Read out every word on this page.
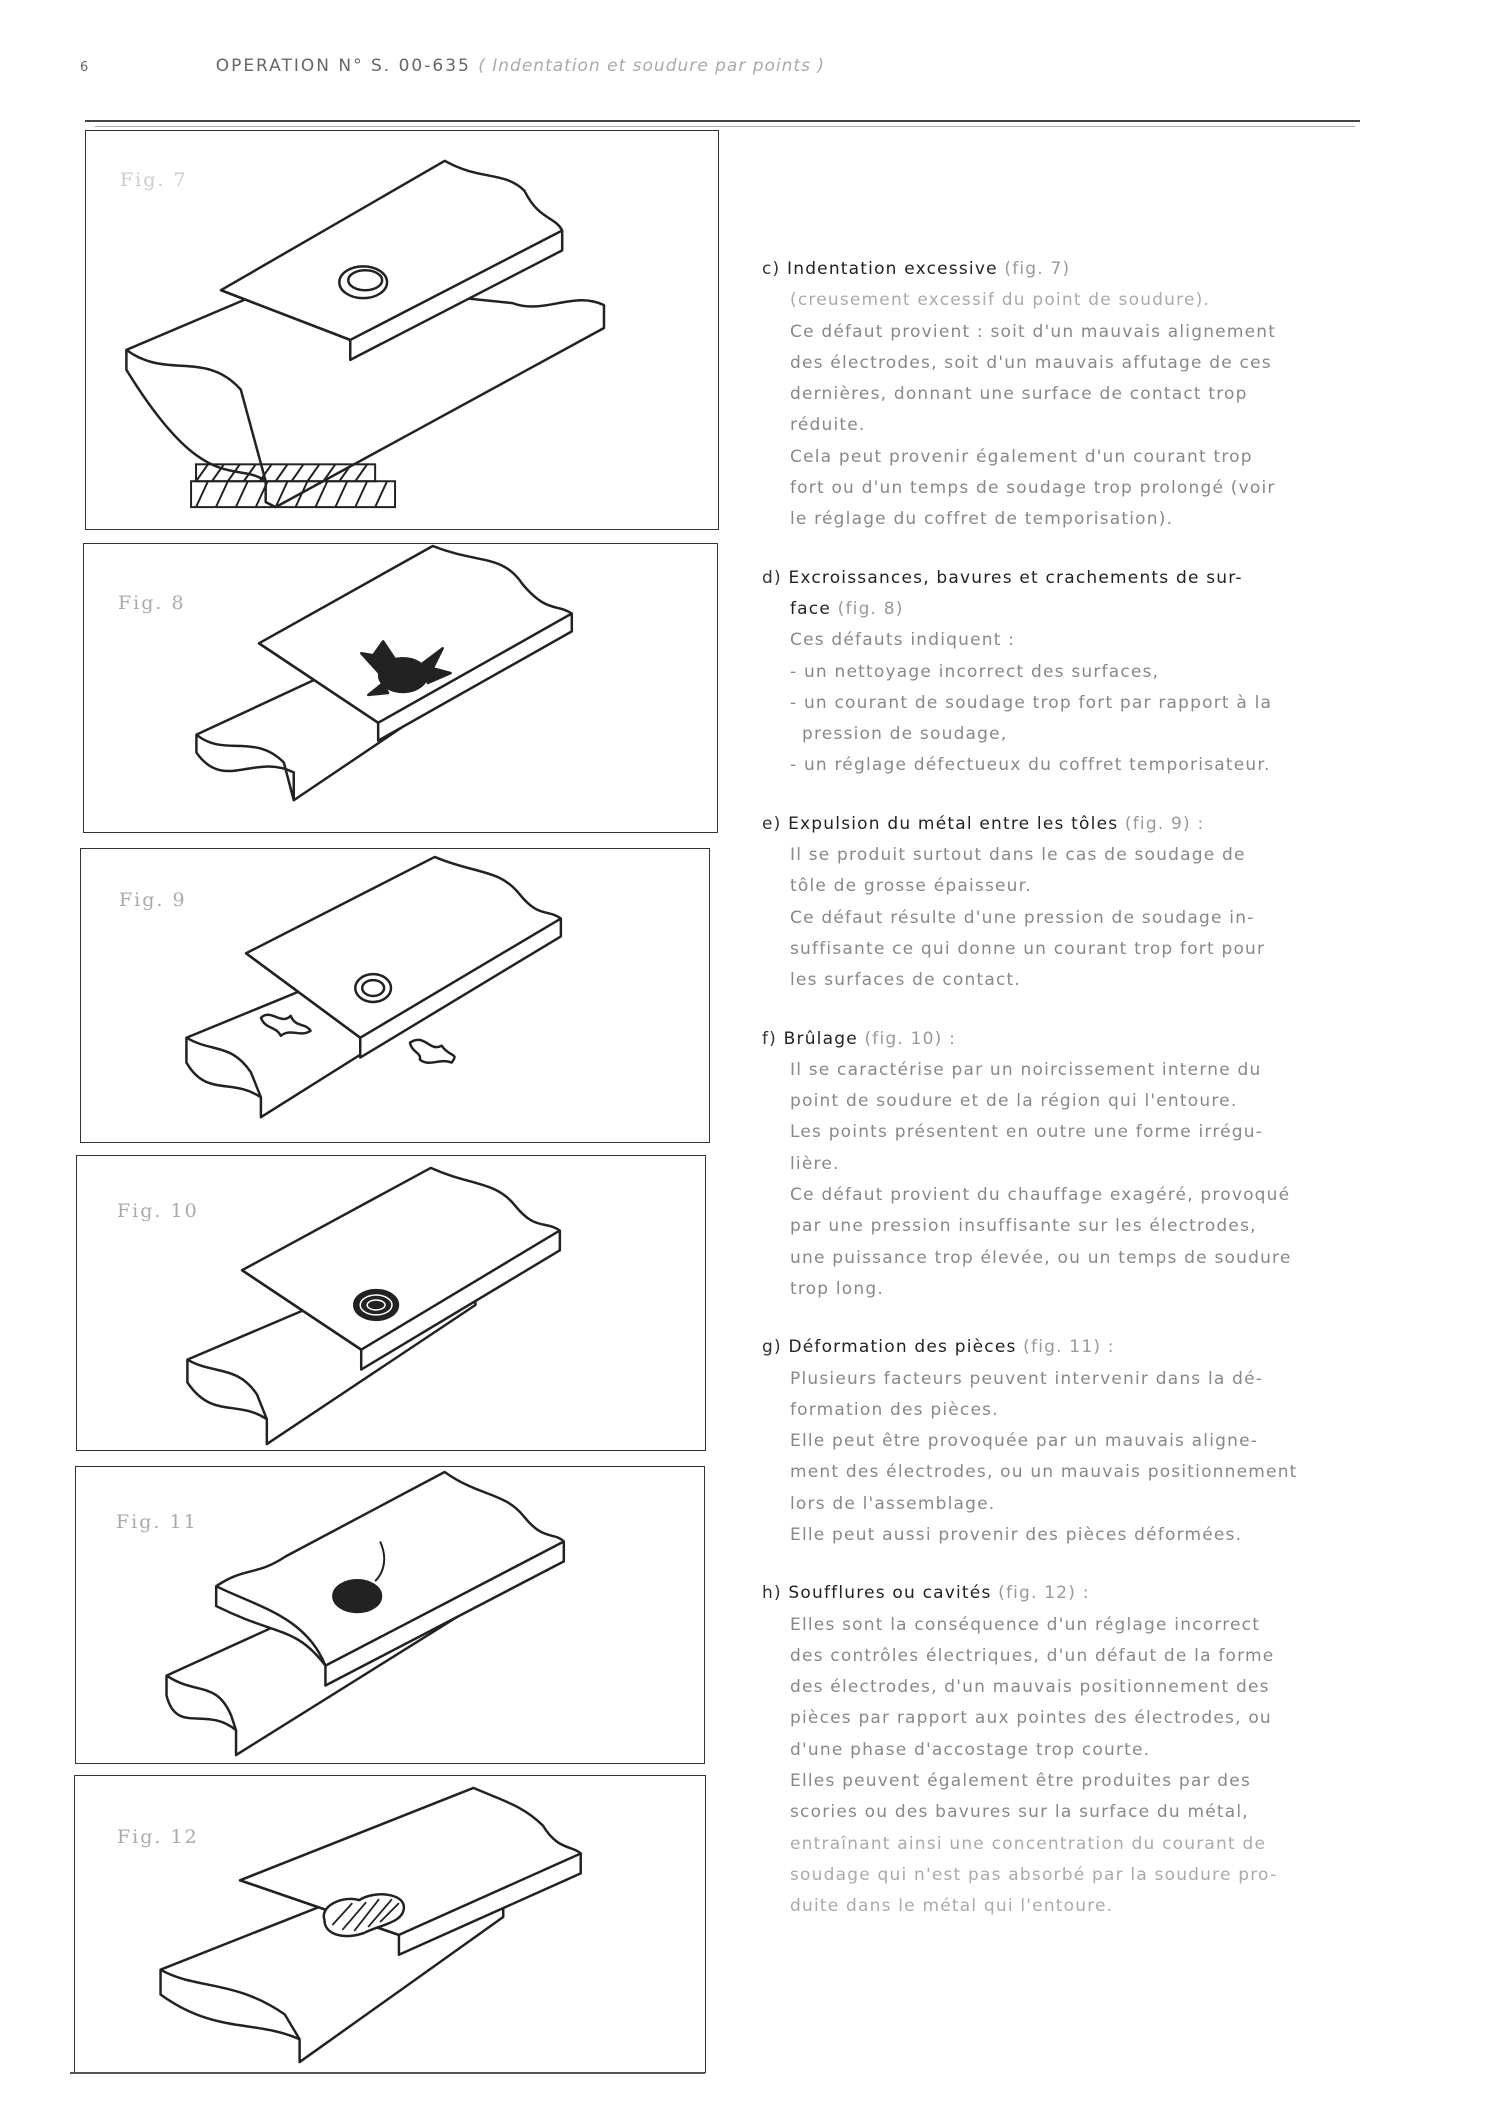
6	OPERATION N° S. 00-635 ( Indentation et soudure par points )
Fig. 7
Fig. 8
Fig. 9
Fig. 10
Fig. 11
Fig. 12

c) Indentation excessive (fig. 7)

(creusement excessif du point de soudure).

Ce défaut provient : soit d'un mauvais alignement

des électrodes, soit d'un mauvais affutage de ces

dernières, donnant une surface de contact trop

réduite.

Cela peut provenir également d'un courant trop

fort ou d'un temps de soudage trop prolongé (voir

le réglage du coffret de temporisation).

d) Excroissances, bavures et crachements de sur-

face (fig. 8)

Ces défauts indiquent :

- un nettoyage incorrect des surfaces,

- un courant de soudage trop fort par rapport à la

pression de soudage,

- un réglage défectueux du coffret temporisateur.

e) Expulsion du métal entre les tôles (fig. 9) :

Il se produit surtout dans le cas de soudage de

tôle de grosse épaisseur.

Ce défaut résulte d'une pression de soudage in-

suffisante ce qui donne un courant trop fort pour

les surfaces de contact.

f) Brûlage (fig. 10) :

Il se caractérise par un noircissement interne du

point de soudure et de la région qui l'entoure.

Les points présentent en outre une forme irrégu-

lière.

Ce défaut provient du chauffage exagéré, provoqué

par une pression insuffisante sur les électrodes,

une puissance trop élevée, ou un temps de soudure

trop long.

g) Déformation des pièces (fig. 11) :

Plusieurs facteurs peuvent intervenir dans la dé-

formation des pièces.

Elle peut être provoquée par un mauvais aligne-

ment des électrodes, ou un mauvais positionnement

lors de l'assemblage.

Elle peut aussi provenir des pièces déformées.

h) Soufflures ou cavités (fig. 12) :

Elles sont la conséquence d'un réglage incorrect

des contrôles électriques, d'un défaut de la forme

des électrodes, d'un mauvais positionnement des

pièces par rapport aux pointes des électrodes, ou

d'une phase d'accostage trop courte.

Elles peuvent également être produites par des

scories ou des bavures sur la surface du métal,

entraînant ainsi une concentration du courant de

soudage qui n'est pas absorbé par la soudure pro-

duite dans le métal qui l'entoure.
